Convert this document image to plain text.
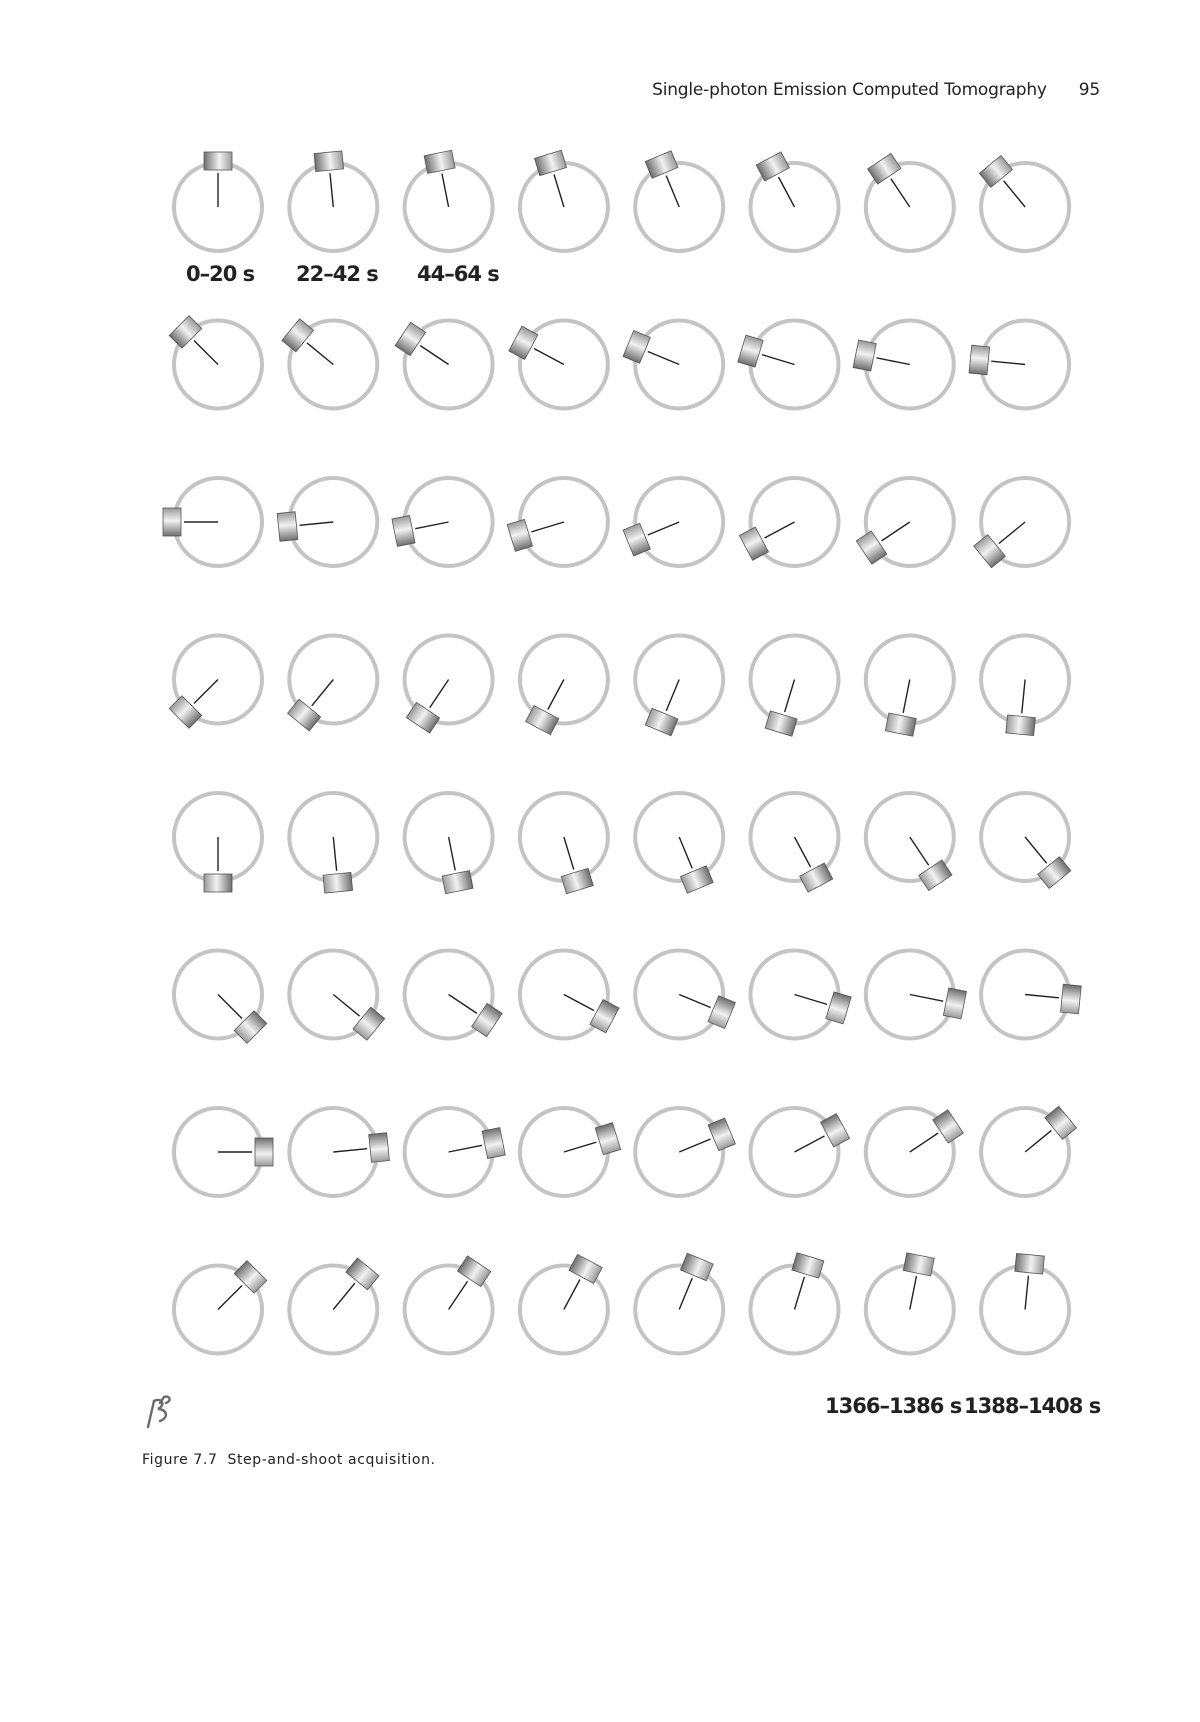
Single-photon Emission Computed Tomography 95
0–20 s 22–42 s 44–64 s
1366–1386 s 1388–1408 s
Figure 7.7 Step-and-shoot acquisition.
